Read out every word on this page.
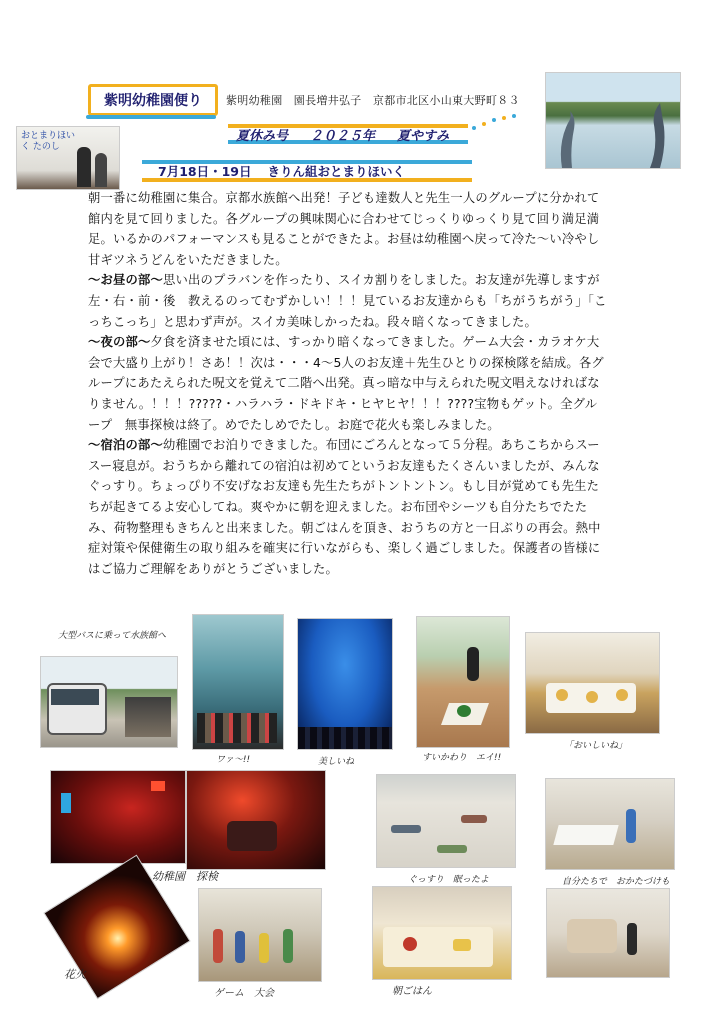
紫明幼稚園便り	紫明幼稚園　園長増井弘子　京都市北区小山東大野町８３
夏休み号 ２０２５年 夏やすみ
7月18日・19日 きりん組おとまりほいく
おとまりほいく たのし

朝一番に幼稚園に集合。京都水族館へ出発！子ども達数人と先生一人のグループに分かれて館内を見て回りました。各グループの興味関心に合わせてじっくりゆっくり見て回り満足満足。いるかのパフォーマンスも見ることができたよ。お昼は幼稚園へ戻って冷た～い冷やし甘ギツネうどんをいただきました。

～お昼の部～思い出のプラバンを作ったり、スイカ割りをしました。お友達が先導しますが左・右・前・後　教えるのってむずかしい！！！見ているお友達からも「ちがうちがう」「こっちこっち」と思わず声が。スイカ美味しかったね。段々暗くなってきました。

～夜の部～夕食を済ませた頃には、すっかり暗くなってきました。ゲーム大会・カラオケ大会で大盛り上がり！さあ！！次は・・・4～5人のお友達＋先生ひとりの探検隊を結成。各グループにあたえられた呪文を覚えて二階へ出発。真っ暗な中与えられた呪文唱えなければなりません。！！！?????・ハラハラ・ドキドキ・ヒヤヒヤ！！！????宝物もゲット。全グループ　無事探検は終了。めでたしめでたし。お庭で花火も楽しみました。

～宿泊の部～幼稚園でお泊りできました。布団にごろんとなって５分程。あちこちからスースー寝息が。おうちから離れての宿泊は初めてというお友達もたくさんいましたが、みんなぐっすり。ちょっぴり不安げなお友達も先生たちがトントントン。もし目が覚めても先生たちが起きてるよ安心してね。爽やかに朝を迎えました。お布団やシーツも自分たちでたたみ、荷物整理もきちんと出来ました。朝ごはんを頂き、おうちの方と一日ぶりの再会。熱中症対策や保健衛生の取り組みを確実に行いながらも、楽しく過ごしました。保護者の皆様にはご協力ご理解をありがとうございました。

大型バスに乗って水族館へ
ワァ～!!	美しいね	すいかわり　エイ!!
「おいしいね」
幼稚園　探検	ぐっすり　眠ったよ	自分たちで　おかたづけも
花火
ゲーム　大会	朝ごはん
